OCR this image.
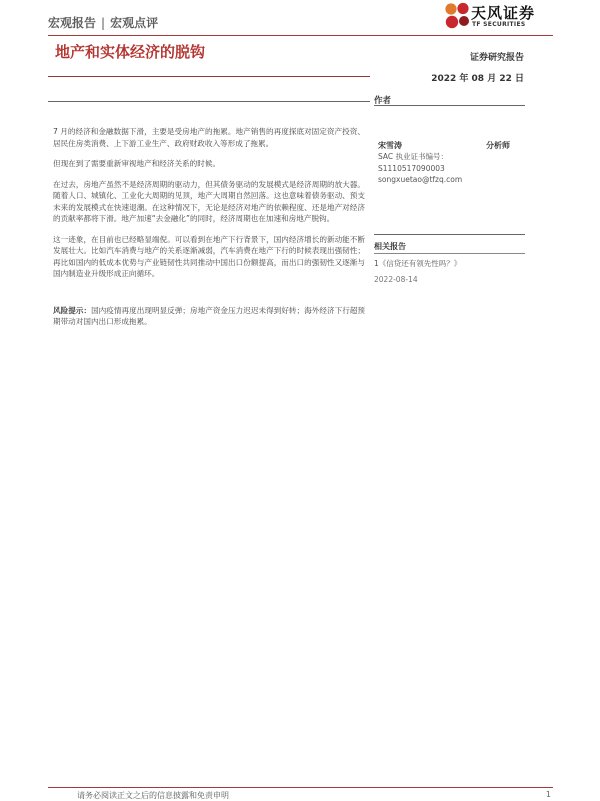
宏观报告 | 宏观点评
天风证券
TF SECURITIES
地产和实体经济的脱钩	证券研究报告
2022 年 08 月 22 日
作者

7 月的经济和金融数据下滑，主要是受房地产的拖累。地产销售的再度探底对固定资产投资、居民住房类消费、上下游工业生产、政府财政收入等形成了拖累。

但现在到了需要重新审视地产和经济关系的时候。

在过去，房地产虽然不是经济周期的驱动力，但其债务驱动的发展模式是经济周期的放大器。随着人口、城镇化、工业化大周期的见顶，地产大周期自然回落。这也意味着债务驱动、预支未来的发展模式在快速退潮。在这种情况下，无论是经济对地产的依赖程度、还是地产对经济的贡献率都将下滑。地产加速“去金融化”的同时，经济周期也在加速和房地产脱钩。

这一迹象，在目前也已经略显端倪。可以看到在地产下行背景下，国内经济增长的新动能不断发展壮大。比如汽车消费与地产的关系逐渐减弱，汽车消费在地产下行的时候表现出强韧性；再比如国内的低成本优势与产业链韧性共同推动中国出口份额提高，而出口的强韧性又逐渐与国内制造业升级形成正向循环。

风险提示：国内疫情再度出现明显反弹；房地产资金压力迟迟未得到好转；海外经济下行超预期带动对国内出口形成拖累。

宋雪涛	分析师
SAC 执业证书编号：
S1110517090003
songxuetao@tfzq.com
相关报告
1《信贷还有领先性吗？》
2022-08-14
请务必阅读正文之后的信息披露和免责申明	1
